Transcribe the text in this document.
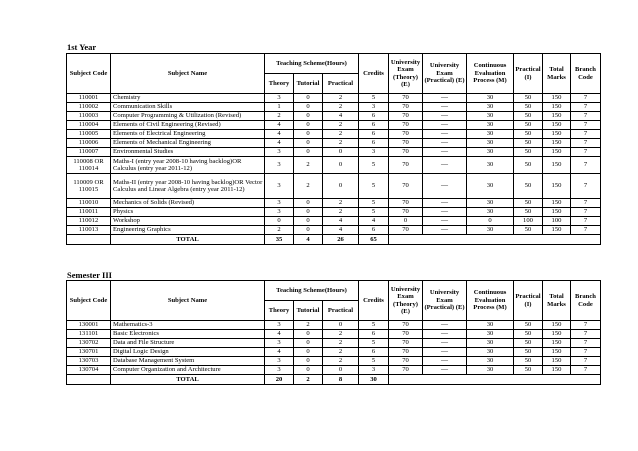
1st Year
Subject Code	Subject Name	Teaching Scheme(Hours)			Credits	University Exam (Theory) (E)	University Exam (Practical) (E)	Continuous Evaluation Process (M)	Practical (I)	Total Marks	Branch Code
		Theory	Tutorial	Practical							
110001	Chemistry	3	0	2	5	70	—	30	50	150	7
110002	Communication Skills	1	0	2	3	70	—	30	50	150	7
110003	Computer Programming & Utilization (Revised)	2	0	4	6	70	—	30	50	150	7
110004	Elements of Civil Engineering (Revised)	4	0	2	6	70	—	30	50	150	7
110005	Elements of Electrical Engineering	4	0	2	6	70	—	30	50	150	7
110006	Elements of Mechanical Engineering	4	0	2	6	70	—	30	50	150	7
110007	Environmental Studies	3	0	0	3	70	—	30	50	150	7
110008 OR 110014	Maths-I (entry year 2008-10 having backlog)OR Calculus (entry year 2011-12)	3	2	0	5	70	—	30	50	150	7
110009 OR 110015	Maths-II (entry year 2008-10 having backlog)OR Vector Calculus and Linear Algebra (entry year 2011-12)	3	2	0	5	70	—	30	50	150	7
110010	Mechanics of Solids (Revised)	3	0	2	5	70	—	30	50	150	7
110011	Physics	3	0	2	5	70	—	30	50	150	7
110012	Workshop	0	0	4	4	0	—	0	100	100	7
110013	Engineering Graphics	2	0	4	6	70	—	30	50	150	7
	TOTAL	35	4	26	65						
Semester III
Subject Code	Subject Name	Teaching Scheme(Hours)			Credits	University Exam (Theory) (E)	University Exam (Practical) (E)	Continuous Evaluation Process (M)	Practical (I)	Total Marks	Branch Code
		Theory	Tutorial	Practical							
130001	Mathematics-3	3	2	0	5	70	—	30	50	150	7
131101	Basic Electronics	4	0	2	6	70	—	30	50	150	7
130702	Data and File Structure	3	0	2	5	70	—	30	50	150	7
130701	Digital Logic Design	4	0	2	6	70	—	30	50	150	7
130703	Database Management System	3	0	2	5	70	—	30	50	150	7
130704	Computer Organization and Architecture	3	0	0	3	70	—	30	50	150	7
	TOTAL	20	2	8	30						
